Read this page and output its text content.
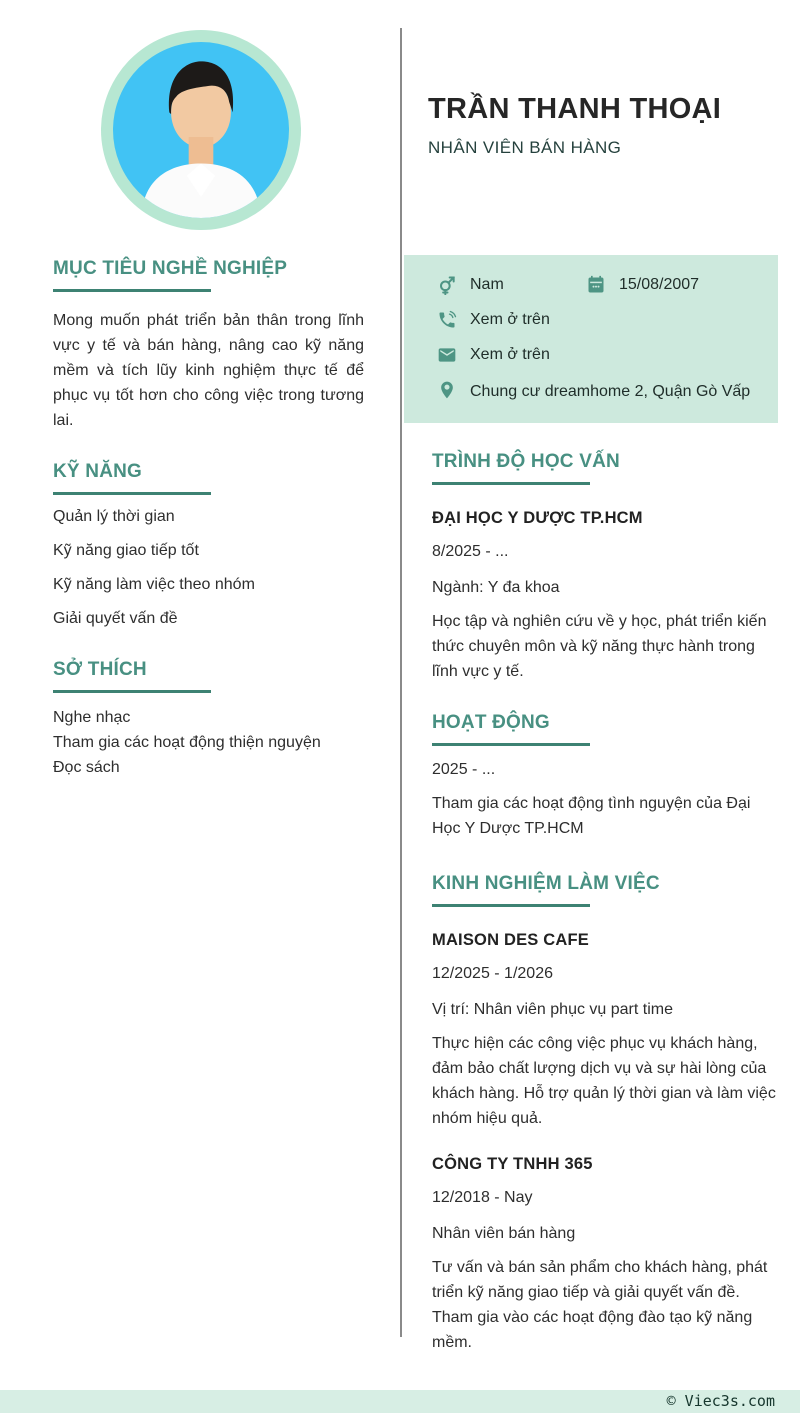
MỤC TIÊU NGHỀ NGHIỆP
Mong muốn phát triển bản thân trong lĩnh vực y tế và bán hàng, nâng cao kỹ năng mềm và tích lũy kinh nghiệm thực tế để phục vụ tốt hơn cho công việc trong tương lai.
KỸ NĂNG
Quản lý thời gian
Kỹ năng giao tiếp tốt
Kỹ năng làm việc theo nhóm
Giải quyết vấn đề
SỞ THÍCH
Nghe nhạc
Tham gia các hoạt động thiện nguyện
Đọc sách
TRẦN THANH THOẠI
NHÂN VIÊN BÁN HÀNG
Nam	15/08/2007
Xem ở trên
Xem ở trên
Chung cư dreamhome 2, Quận Gò Vấp
TRÌNH ĐỘ HỌC VẤN
ĐẠI HỌC Y DƯỢC TP.HCM
8/2025 - ...
Ngành: Y đa khoa
Học tập và nghiên cứu về y học, phát triển kiến thức chuyên môn và kỹ năng thực hành trong lĩnh vực y tế.
HOẠT ĐỘNG
2025 - ...
Tham gia các hoạt động tình nguyện của Đại Học Y Dược TP.HCM
KINH NGHIỆM LÀM VIỆC
MAISON DES CAFE
12/2025 - 1/2026
Vị trí: Nhân viên phục vụ part time
Thực hiện các công việc phục vụ khách hàng, đảm bảo chất lượng dịch vụ và sự hài lòng của khách hàng. Hỗ trợ quản lý thời gian và làm việc nhóm hiệu quả.
CÔNG TY TNHH 365
12/2018 - Nay
Nhân viên bán hàng
Tư vấn và bán sản phẩm cho khách hàng, phát triển kỹ năng giao tiếp và giải quyết vấn đề. Tham gia vào các hoạt động đào tạo kỹ năng mềm.
© Viec3s.com
